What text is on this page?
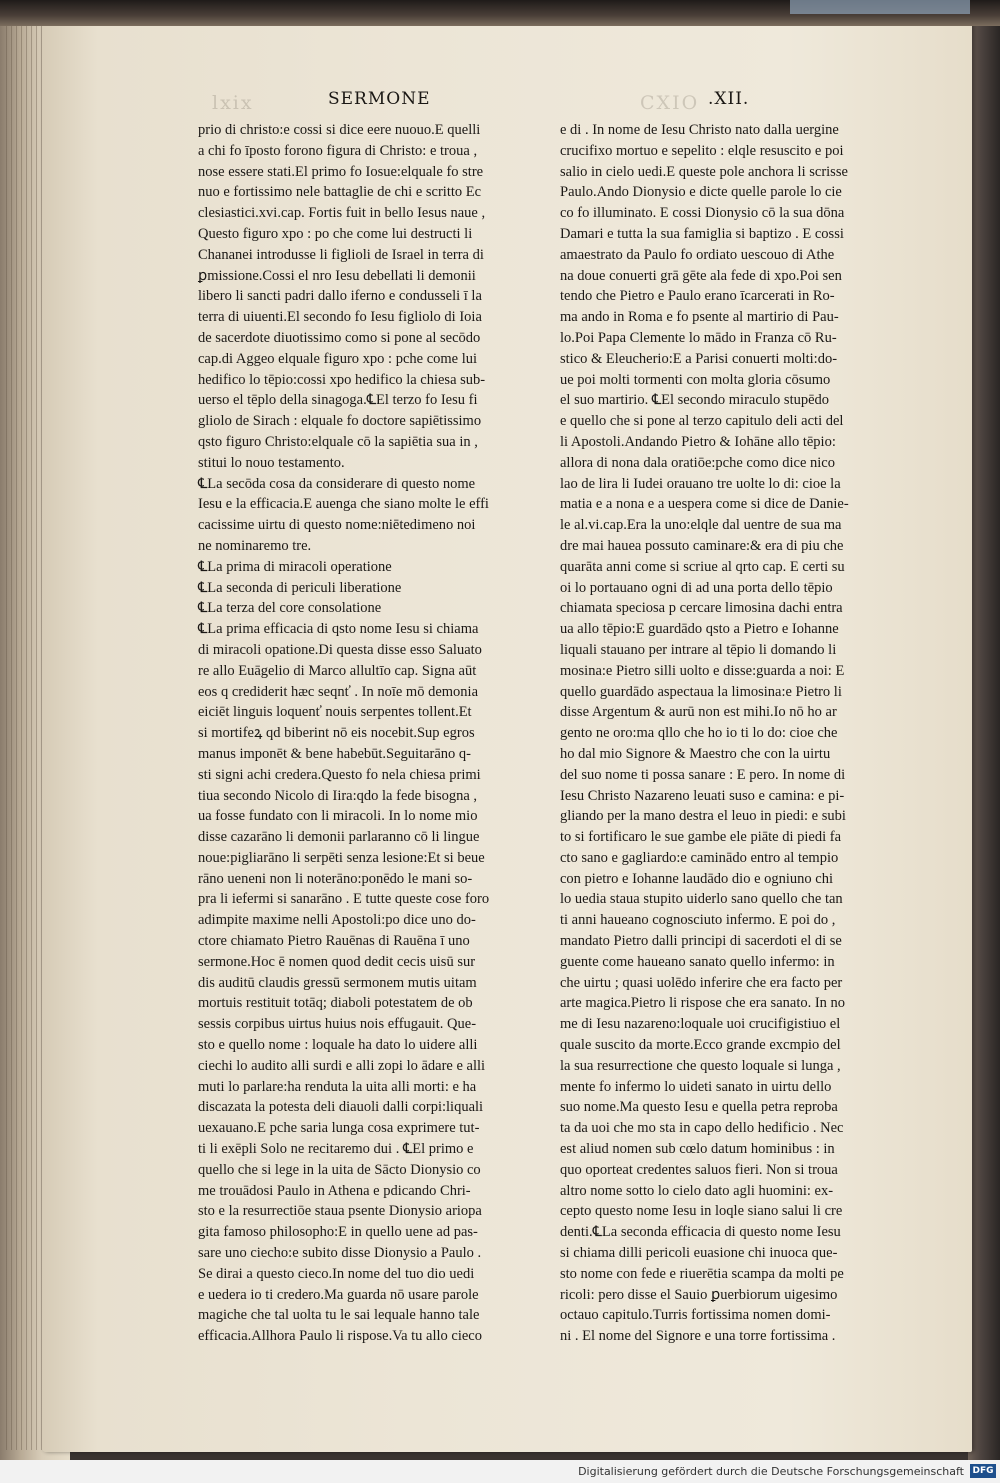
lxix	CXIO
SERMONE	.XII.

prio di christo:e cossi si dice eere nuouo.E quelli

a chi fo īposto forono figura di Christo: e troua ,

nose essere stati.El primo fo Iosue:elquale fo stre

nuo e fortissimo nele battaglie de chi e scritto Ec

clesiastici.xvi.cap. Fortis fuit in bello Iesus naue ,

Questo figuro xpo : po che come lui destructi li

Chananei introdusse li figlioli de Israel in terra di

ꝑmissione.Cossi el nro Iesu debellati li demonii

libero li sancti padri dallo iferno e condusseli ī la

terra di uiuenti.El secondo fo Iesu figliolo di Ioia

de sacerdote diuotissimo como si pone al secōdo

cap.di Aggeo elquale figuro xpo : pche come lui

hedifico lo tēpio:cossi xpo hedifico la chiesa sub-

uerso el tēplo della sinagoga.℄El terzo fo Iesu fi

gliolo de Sirach : elquale fo doctore sapiētissimo

qsto figuro Christo:elquale cō la sapiētia sua in ,

stitui lo nouo testamento.

℄La secōda cosa da considerare di questo nome

Iesu e la efficacia.E auenga che siano molte le effi

cacissime uirtu di questo nome:niētedimeno noi

ne nominaremo tre.

℄La prima di miracoli operatione

℄La seconda di periculi liberatione

℄La terza del core consolatione

℄La prima efficacia di qsto nome Iesu si chiama

di miracoli opatione.Di questa disse esso Saluato

re allo Euāgelio di Marco allultīo cap. Signa aūt

eos q crediderit hæc seqnť . In noīe mō demonia

eiciēt linguis loquenť nouis serpentes tollent.Et

si mortifeꝝ qd biberint nō eis nocebit.Sup egros

manus imponēt & bene habebūt.Seguitarāno q-

sti signi achi credera.Questo fo nela chiesa primi

tiua secondo Nicolo di Iira:qdo la fede bisogna ,

ua fosse fundato con li miracoli. In lo nome mio

disse cazarāno li demonii parlaranno cō li lingue

noue:pigliarāno li serpēti senza lesione:Et si beue

rāno ueneni non li noterāno:ponēdo le mani so-

pra li iefermi si sanarāno . E tutte queste cose foro

adimpite maxime nelli Apostoli:po dice uno do-

ctore chiamato Pietro Rauēnas di Rauēna ī uno

sermone.Hoc ē nomen quod dedit cecis uisū sur

dis auditū claudis gressū sermonem mutis uitam

mortuis restituit totāq; diaboli potestatem de ob

sessis corpibus uirtus huius nois effugauit. Que-

sto e quello nome : loquale ha dato lo uidere alli

ciechi lo audito alli surdi e alli zopi lo ādare e alli

muti lo parlare:ha renduta la uita alli morti: e ha

discazata la potesta deli diauoli dalli corpi:liquali

uexauano.E pche saria lunga cosa exprimere tut-

ti li exēpli Solo ne recitaremo dui . ℄El primo e

quello che si lege in la uita de Sācto Dionysio co

me trouādosi Paulo in Athena e pdicando Chri-

sto e la resurrectiōe staua psente Dionysio ariopa

gita famoso philosopho:E in quello uene ad pas-

sare uno ciecho:e subito disse Dionysio a Paulo .

Se dirai a questo cieco.In nome del tuo dio uedi

e uedera io ti credero.Ma guarda nō usare parole

magiche che tal uolta tu le sai lequale hanno tale

efficacia.Allhora Paulo li rispose.Va tu allo cieco

e di . In nome de Iesu Christo nato dalla uergine

crucifixo mortuo e sepelito : elqle resuscito e poi

salio in cielo uedi.E queste pole anchora li scrisse

Paulo.Ando Dionysio e dicte quelle parole lo cie

co fo illuminato. E cossi Dionysio cō la sua dōna

Damari e tutta la sua famiglia si baptizo . E cossi

amaestrato da Paulo fo ordiato uescouo di Athe

na doue conuerti grā gēte ala fede di xpo.Poi sen

tendo che Pietro e Paulo erano īcarcerati in Ro-

ma ando in Roma e fo psente al martirio di Pau-

lo.Poi Papa Clemente lo mādo in Franza cō Ru-

stico & Eleucherio:E a Parisi conuerti molti:do-

ue poi molti tormenti con molta gloria cōsumo

el suo martirio. ℄El secondo miraculo stupēdo

e quello che si pone al terzo capitulo deli acti del

li Apostoli.Andando Pietro & Iohāne allo tēpio:

allora di nona dala oratiōe:pche como dice nico

lao de lira li Iudei orauano tre uolte lo di: cioe la

matia e a nona e a uespera come si dice de Danie-

le al.vi.cap.Era la uno:elqle dal uentre de sua ma

dre mai hauea possuto caminare:& era di piu che

quarāta anni come si scriue al qrto cap. E certi su

oi lo portauano ogni di ad una porta dello tēpio

chiamata speciosa p cercare limosina dachi entra

ua allo tēpio:E guardādo qsto a Pietro e Iohanne

liquali stauano per intrare al tēpio li domando li

mosina:e Pietro silli uolto e disse:guarda a noi: E

quello guardādo aspectaua la limosina:e Pietro li

disse Argentum & aurū non est mihi.Io nō ho ar

gento ne oro:ma qllo che ho io ti lo do: cioe che

ho dal mio Signore & Maestro che con la uirtu

del suo nome ti possa sanare : E pero. In nome di

Iesu Christo Nazareno leuati suso e camina: e pi-

gliando per la mano destra el leuo in piedi: e subi

to si fortificaro le sue gambe ele piāte di piedi fa

cto sano e gagliardo:e caminādo entro al tempio

con pietro e Iohanne laudādo dio e ogniuno chi

lo uedia staua stupito uiderlo sano quello che tan

ti anni haueano cognosciuto infermo. E poi do ,

mandato Pietro dalli principi di sacerdoti el di se

guente come haueano sanato quello infermo: in

che uirtu ; quasi uolēdo inferire che era facto per

arte magica.Pietro li rispose che era sanato. In no

me di Iesu nazareno:loquale uoi crucifigistiuo el

quale suscito da morte.Ecco grande excmpio del

la sua resurrectione che questo loquale si lunga ,

mente fo infermo lo uideti sanato in uirtu dello

suo nome.Ma questo Iesu e quella petra reproba

ta da uoi che mo sta in capo dello hedificio . Nec

est aliud nomen sub cœlo datum hominibus : in

quo oporteat credentes saluos fieri. Non si troua

altro nome sotto lo cielo dato agli huomini: ex-

cepto questo nome Iesu in loqle siano salui li cre

denti.℄La seconda efficacia di questo nome Iesu

si chiama dilli pericoli euasione chi inuoca que-

sto nome con fede e riuerētia scampa da molti pe

ricoli: pero disse el Sauio ꝑuerbiorum uigesimo

octauo capitulo.Turris fortissima nomen domi-

ni . El nome del Signore e una torre fortissima .

Digitalisierung gefördert durch die Deutsche Forschungsgemeinschaft DFG
